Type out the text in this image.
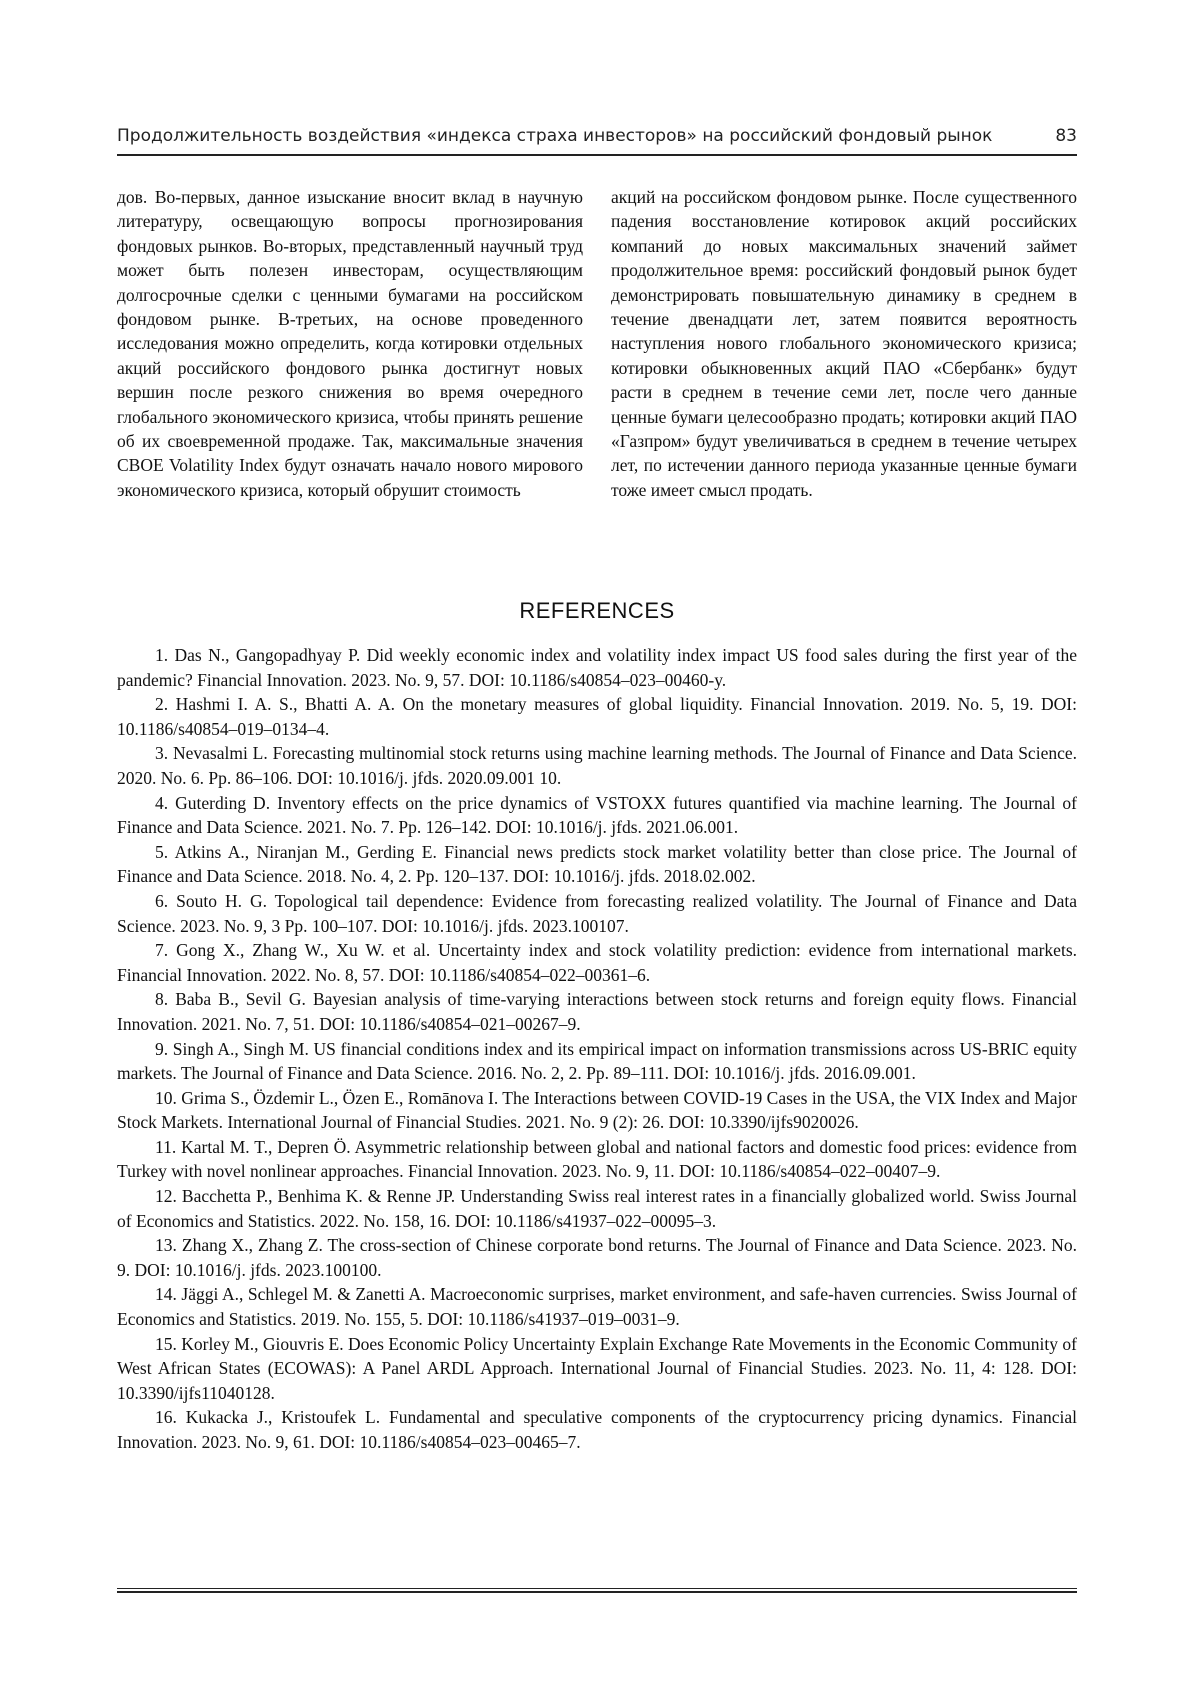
Продолжительность воздействия «индекса страха инвесторов» на российский фондовый рынок	83
дов. Во-первых, данное изыскание вносит вклад в научную литературу, освещающую вопросы прогнозирования фондовых рынков. Во-вторых, представленный научный труд может быть полезен инвесторам, осуществляющим долгосрочные сделки с ценными бумагами на российском фондовом рынке. В-третьих, на основе проведенного исследования можно определить, когда котировки отдельных акций российского фондового рынка достигнут новых вершин после резкого снижения во время очередного глобального экономического кризиса, чтобы принять решение об их своевременной продаже. Так, максимальные значения CBOE Volatility Index будут означать начало нового мирового экономического кризиса, который обрушит стоимость
акций на российском фондовом рынке. После существенного падения восстановление котировок акций российских компаний до новых максимальных значений займет продолжительное время: российский фондовый рынок будет демонстрировать повышательную динамику в среднем в течение двенадцати лет, затем появится вероятность наступления нового глобального экономического кризиса; котировки обыкновенных акций ПАО «Сбербанк» будут расти в среднем в течение семи лет, после чего данные ценные бумаги целесообразно продать; котировки акций ПАО «Газпром» будут увеличиваться в среднем в течение четырех лет, по истечении данного периода указанные ценные бумаги тоже имеет смысл продать.
REFERENCES

1. Das N., Gangopadhyay P. Did weekly economic index and volatility index impact US food sales during the first year of the pandemic? Financial Innovation. 2023. No. 9, 57. DOI: 10.1186/s40854–023–00460-y.

2. Hashmi I. A. S., Bhatti A. A. On the monetary measures of global liquidity. Financial Innovation. 2019. No. 5, 19. DOI: 10.1186/s40854–019–0134–4.

3. Nevasalmi L. Forecasting multinomial stock returns using machine learning methods. The Journal of Finance and Data Science. 2020. No. 6. Pp. 86–106. DOI: 10.1016/j. jfds. 2020.09.001 10.

4. Guterding D. Inventory effects on the price dynamics of VSTOXX futures quantified via machine learning. The Journal of Finance and Data Science. 2021. No. 7. Pp. 126–142. DOI: 10.1016/j. jfds. 2021.06.001.

5. Atkins A., Niranjan M., Gerding E. Financial news predicts stock market volatility better than close price. The Journal of Finance and Data Science. 2018. No. 4, 2. Pp. 120–137. DOI: 10.1016/j. jfds. 2018.02.002.

6. Souto H. G. Topological tail dependence: Evidence from forecasting realized volatility. The Journal of Finance and Data Science. 2023. No. 9, 3 Pp. 100–107. DOI: 10.1016/j. jfds. 2023.100107.

7. Gong X., Zhang W., Xu W. et al. Uncertainty index and stock volatility prediction: evidence from international markets. Financial Innovation. 2022. No. 8, 57. DOI: 10.1186/s40854–022–00361–6.

8. Baba B., Sevil G. Bayesian analysis of time-varying interactions between stock returns and foreign equity flows. Financial Innovation. 2021. No. 7, 51. DOI: 10.1186/s40854–021–00267–9.

9. Singh A., Singh M. US financial conditions index and its empirical impact on information transmissions across US-BRIC equity markets. The Journal of Finance and Data Science. 2016. No. 2, 2. Pp. 89–111. DOI: 10.1016/j. jfds. 2016.09.001.

10. Grima S., Özdemir L., Özen E., Romānova I. The Interactions between COVID-19 Cases in the USA, the VIX Index and Major Stock Markets. International Journal of Financial Studies. 2021. No. 9 (2): 26. DOI: 10.3390/ijfs9020026.

11. Kartal M. T., Depren Ö. Asymmetric relationship between global and national factors and domestic food prices: evidence from Turkey with novel nonlinear approaches. Financial Innovation. 2023. No. 9, 11. DOI: 10.1186/s40854–022–00407–9.

12. Bacchetta P., Benhima K. & Renne JP. Understanding Swiss real interest rates in a financially globalized world. Swiss Journal of Economics and Statistics. 2022. No. 158, 16. DOI: 10.1186/s41937–022–00095–3.

13. Zhang X., Zhang Z. The cross-section of Chinese corporate bond returns. The Journal of Finance and Data Science. 2023. No. 9. DOI: 10.1016/j. jfds. 2023.100100.

14. Jäggi A., Schlegel M. & Zanetti A. Macroeconomic surprises, market environment, and safe-haven currencies. Swiss Journal of Economics and Statistics. 2019. No. 155, 5. DOI: 10.1186/s41937–019–0031–9.

15. Korley M., Giouvris E. Does Economic Policy Uncertainty Explain Exchange Rate Movements in the Economic Community of West African States (ECOWAS): A Panel ARDL Approach. International Journal of Financial Studies. 2023. No. 11, 4: 128. DOI: 10.3390/ijfs11040128.

16. Kukacka J., Kristoufek L. Fundamental and speculative components of the cryptocurrency pricing dynamics. Financial Innovation. 2023. No. 9, 61. DOI: 10.1186/s40854–023–00465–7.
